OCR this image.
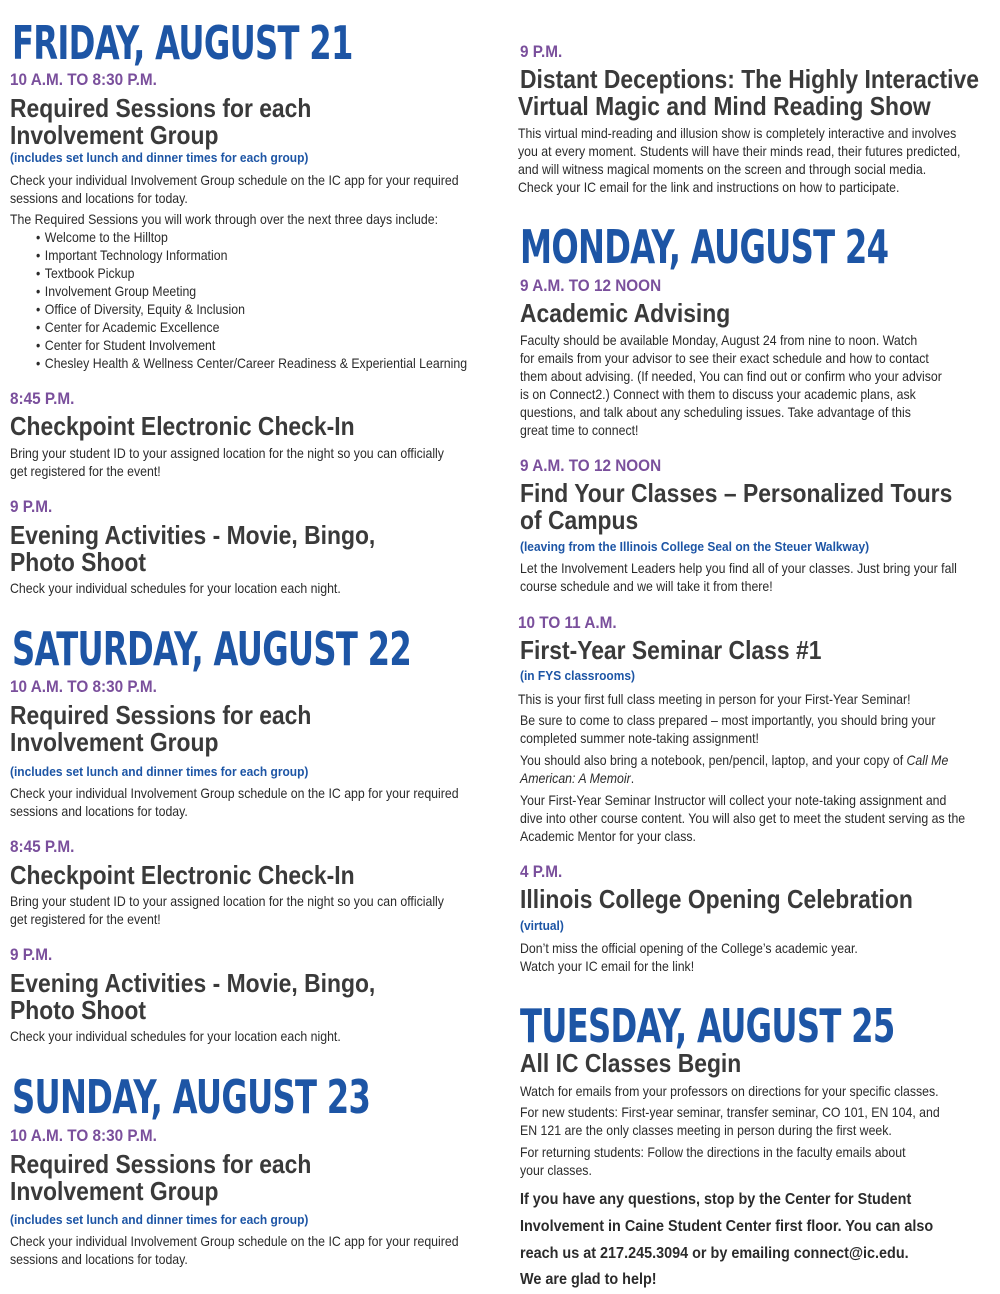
FRIDAY, AUGUST 21
10 A.M. TO 8:30 P.M.
Required Sessions for each
Involvement Group
(includes set lunch and dinner times for each group)
Check your individual Involvement Group schedule on the IC app for your required
sessions and locations for today.
The Required Sessions you will work through over the next three days include:
• Welcome to the Hilltop
• Important Technology Information
• Textbook Pickup
• Involvement Group Meeting
• Office of Diversity, Equity & Inclusion
• Center for Academic Excellence
• Center for Student Involvement
• Chesley Health & Wellness Center/Career Readiness & Experiential Learning
8:45 P.M.
Checkpoint Electronic Check-In
Bring your student ID to your assigned location for the night so you can officially
get registered for the event!
9 P.M.
Evening Activities - Movie, Bingo,
Photo Shoot
Check your individual schedules for your location each night.
SATURDAY, AUGUST 22
10 A.M. TO 8:30 P.M.
Required Sessions for each
Involvement Group
(includes set lunch and dinner times for each group)
Check your individual Involvement Group schedule on the IC app for your required
sessions and locations for today.
8:45 P.M.
Checkpoint Electronic Check-In
Bring your student ID to your assigned location for the night so you can officially
get registered for the event!
9 P.M.
Evening Activities - Movie, Bingo,
Photo Shoot
Check your individual schedules for your location each night.
SUNDAY, AUGUST 23
10 A.M. TO 8:30 P.M.
Required Sessions for each
Involvement Group
(includes set lunch and dinner times for each group)
Check your individual Involvement Group schedule on the IC app for your required
sessions and locations for today.
9 P.M.
Distant Deceptions: The Highly Interactive
Virtual Magic and Mind Reading Show
This virtual mind-reading and illusion show is completely interactive and involves
you at every moment. Students will have their minds read, their futures predicted,
and will witness magical moments on the screen and through social media.
Check your IC email for the link and instructions on how to participate.
MONDAY, AUGUST 24
9 A.M. TO 12 NOON
Academic Advising
Faculty should be available Monday, August 24 from nine to noon. Watch
for emails from your advisor to see their exact schedule and how to contact
them about advising. (If needed, You can find out or confirm who your advisor
is on Connect2.) Connect with them to discuss your academic plans, ask
questions, and talk about any scheduling issues. Take advantage of this
great time to connect!
9 A.M. TO 12 NOON
Find Your Classes – Personalized Tours
of Campus
(leaving from the Illinois College Seal on the Steuer Walkway)
Let the Involvement Leaders help you find all of your classes. Just bring your fall
course schedule and we will take it from there!
10 TO 11 A.M.
First-Year Seminar Class #1
(in FYS classrooms)
This is your first full class meeting in person for your First-Year Seminar!
Be sure to come to class prepared – most importantly, you should bring your
completed summer note-taking assignment!
You should also bring a notebook, pen/pencil, laptop, and your copy of Call Me
American: A Memoir.
Your First-Year Seminar Instructor will collect your note-taking assignment and
dive into other course content. You will also get to meet the student serving as the
Academic Mentor for your class.
4 P.M.
Illinois College Opening Celebration
(virtual)
Don’t miss the official opening of the College’s academic year.
Watch your IC email for the link!
TUESDAY, AUGUST 25
All IC Classes Begin
Watch for emails from your professors on directions for your specific classes.
For new students: First-year seminar, transfer seminar, CO 101, EN 104, and
EN 121 are the only classes meeting in person during the first week.
For returning students: Follow the directions in the faculty emails about
your classes.
If you have any questions, stop by the Center for Student
Involvement in Caine Student Center first floor. You can also
reach us at 217.245.3094 or by emailing connect@ic.edu.
We are glad to help!
